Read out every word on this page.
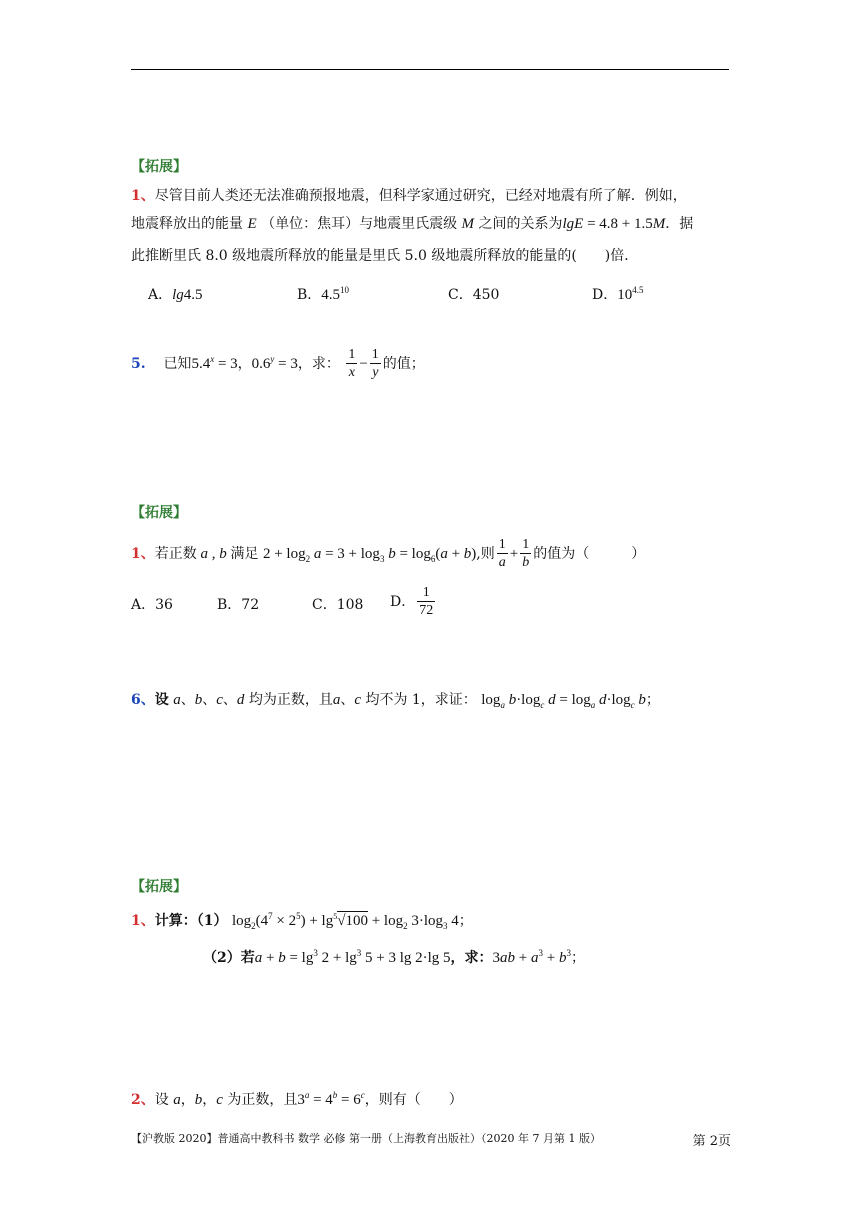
【拓展】
1、尽管目前人类还无法准确预报地震，但科学家通过研究，已经对地震有所了解．例如，
地震释放出的能量 E （单位：焦耳）与地震里氏震级 M 之间的关系为lgE = 4.8 + 1.5M．据
此推断里氏 8.0 级地震所释放的能量是里氏 5.0 级地震所释放的能量的(　　)倍．
A．lg4.5	B．$4.5^{10}$	C．450	D．$10^{4.5}$
5. 已知$5.4^x = 3$，$0.6^y = 3$，求： $\frac{1}{x} - \frac{1}{y}$ 的值；
【拓展】
1、若正数 a , b 满足 $2 + \log_2 a = 3 + \log_3 b = \log_6(a + b)$,则 $\frac{1}{a} + \frac{1}{b}$ 的值为（　　　）
A．36	B．72	C．108 D． $\frac{1}{72}$
6、设 a、b、c、d 均为正数，且a、c 均不为 1，求证： $\log_a b\cdot\log_c$ $d = \log_a d\cdot\log_c$ b；
【拓展】
1、计算：（1） $\log_2(4^7 \times 2^5) + \lg^5√100 + \log_2 3\cdot\log_3$ 4；
（2）若$a + b = \lg^3 2 + \lg^3 5 + 3$ lg 2·lg 5，求：$3ab + a^3 + b^3$；
2、设 a，b，c 为正数，且$3^a = 4^b = 6^c$，则有（　　）
【沪教版 2020】普通高中教科书 数学 必修 第一册（上海教育出版社）（2020 年 7 月第 1 版）	第 2页
